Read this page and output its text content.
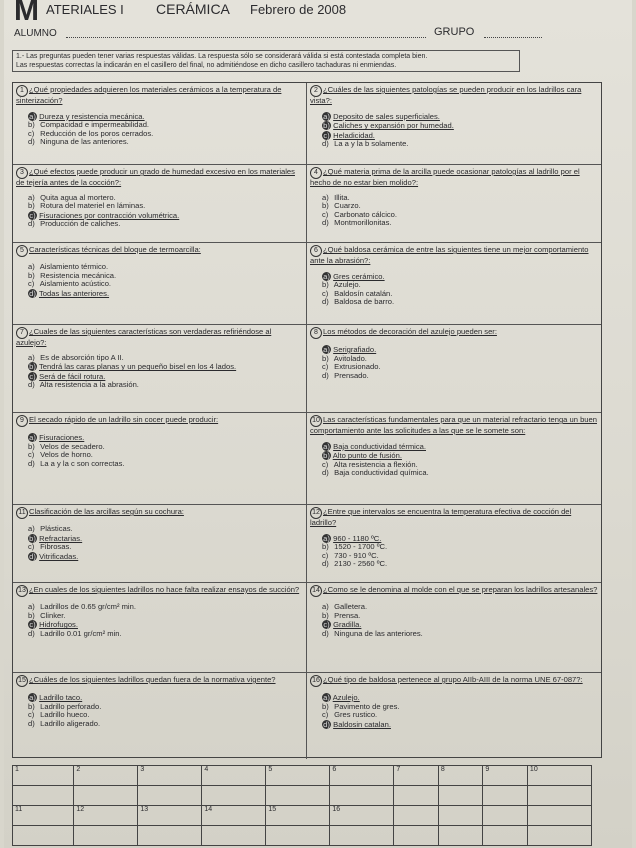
M ATERIALES I CERÁMICA Febrero de 2008
ALUMNO	GRUPO
1.- Las preguntas pueden tener varias respuestas válidas. La respuesta sólo se considerará válida si está contestada completa bien.
Las respuestas correctas la indicarán en el casillero del final, no admitiéndose en dicho casillero tachaduras ni enmiendas.
1 ¿Qué propiedades adquieren los materiales cerámicos a la temperatura de sinterización?
a) Dureza y resistencia mecánica.
b) Compacidad e impermeabilidad.
c) Reducción de los poros cerrados.
d) Ninguna de las anteriores.
2 ¿Cuáles de las siguientes patologías se pueden producir en los ladrillos cara vista?:
a) Deposito de sales superficiales.
b) Caliches y expansión por humedad.
c) Heladicidad.
d) La a y la b solamente.
3 ¿Qué efectos puede producir un grado de humedad excesivo en los materiales de tejería antes de la cocción?:
a) Quita agua al mortero.
b) Rotura del materiel en láminas.
c) Fisuraciones por contracción volumétrica.
d) Producción de caliches.
4 ¿Qué materia prima de la arcilla puede ocasionar patologías al ladrillo por el hecho de no estar bien molido?:
a) Illita.
b) Cuarzo.
c) Carbonato cálcico.
d) Montmorillonitas.
5 Características técnicas del bloque de termoarcilla:
a) Aislamiento térmico.
b) Resistencia mecánica.
c) Aislamiento acústico.
d) Todas las anteriores.
6 ¿Qué baldosa cerámica de entre las siguientes tiene un mejor comportamiento ante la abrasión?:
a) Gres cerámico.
b) Azulejo.
c) Baldosín catalán.
d) Baldosa de barro.
7 ¿Cuales de las siguientes características son verdaderas refiriéndose al azulejo?:
a) Es de absorción tipo A II.
b) Tendrá las caras planas y un pequeño bisel en los 4 lados.
c) Será de fácil rotura.
d) Alta resistencia a la abrasión.
8 Los métodos de decoración del azulejo pueden ser:
a) Serigrafiado.
b) Avitolado.
c) Extrusionado.
d) Prensado.
9 El secado rápido de un ladrillo sin cocer puede producir:
a) Fisuraciones.
b) Velos de secadero.
c) Velos de horno.
d) La a y la c son correctas.
10 Las características fundamentales para que un material refractario tenga un buen comportamiento ante las solicitudes a las que se le somete son:
a) Baja conductividad térmica.
b) Alto punto de fusión.
c) Alta resistencia a flexión.
d) Baja conductividad química.
11 Clasificación de las arcillas según su cochura:
a) Plásticas.
b) Refractarias.
c) Fibrosas.
d) Vitrificadas.
12 ¿Entre que intervalos se encuentra la temperatura efectiva de cocción del ladrillo?
a) 960 - 1180 ºC.
b) 1520 - 1700 ºC.
c) 730 - 910 ºC.
d) 2130 - 2560 ºC.
13 ¿En cuales de los siguientes ladrillos no hace falta realizar ensayos de succión?
a) Ladrillos de 0.65 gr/cm² min.
b) Clinker.
c) Hidrofugos.
d) Ladrillo 0.01 gr/cm² min.
14 ¿Como se le denomina al molde con el que se preparan los ladrillos artesanales?
a) Galletera.
b) Prensa.
c) Gradilla.
d) Ninguna de las anteriores.
15 ¿Cuáles de los siguientes ladrillos quedan fuera de la normativa vigente?
a) Ladrillo taco.
b) Ladrillo perforado.
c) Ladrillo hueco.
d) Ladrillo aligerado.
16 ¿Qué tipo de baldosa pertenece al grupo AIIb-AIII de la norma UNE 67-087?:
a) Azulejo.
b) Pavimento de gres.
c) Gres rustico.
d) Baldosin catalan.
1	2	3	4	5	6	7	8	9	10

11	12	13	14	15	16				
